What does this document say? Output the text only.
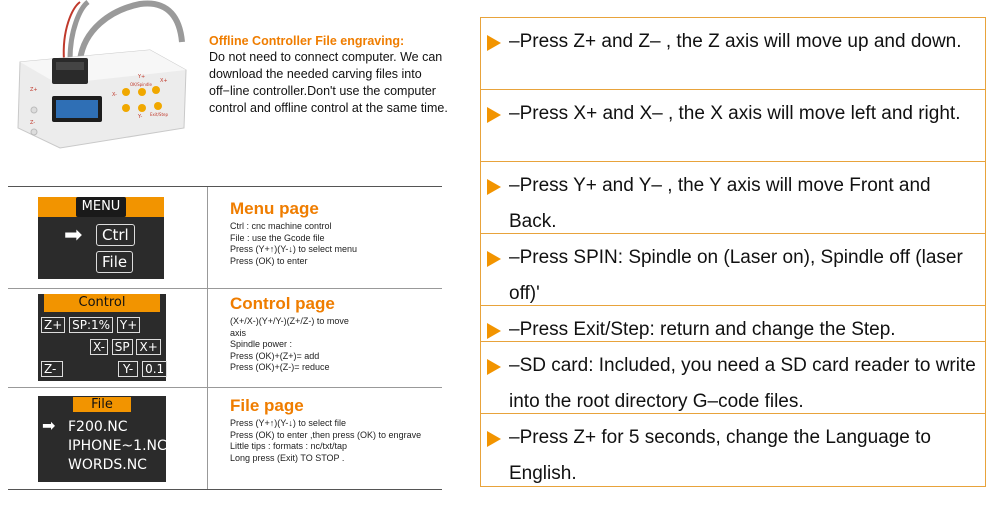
Z+
Z-
X-
Y+
X+
Y-
OK/Spindle
Exit/Step
Offline Controller File engraving:
Do not need to connect computer. We can download the needed carving files into off−line controller.Don't use the computer control and offline control at the same time.
MENU
➡	Ctrl
File
Menu page
Ctrl : cnc machine control
File : use the Gcode file
Press (Y+↑)(Y-↓) to select menu
Press (OK) to enter
Control
Z+ SP:1% Y+
X- SP X+
Z-	Y- 0.1
Control page
(X+/X-)(Y+/Y-)(Z+/Z-) to move
axis
Spindle power :
Press (OK)+(Z+)= add
Press (OK)+(Z-)= reduce
File
➡ F200.NC
IPHONE~1.NC
WORDS.NC
File page
Press (Y+↑)(Y-↓) to select file
Press (OK) to enter ,then press (OK) to engrave
Little tips : formats : nc/txt/tap
Long press (Exit) TO STOP .
–Press Z+ and Z– , the Z axis will move up and down.
–Press X+ and X– , the X axis will move left and right.
–Press Y+ and Y– , the Y axis will move Front and Back.
–Press SPIN: Spindle on (Laser on), Spindle off (laser off)'
–Press Exit/Step: return and change the Step.
–SD card: Included, you need a SD card reader to write into the root directory G–code files.
–Press Z+ for 5 seconds, change the Language to English.
